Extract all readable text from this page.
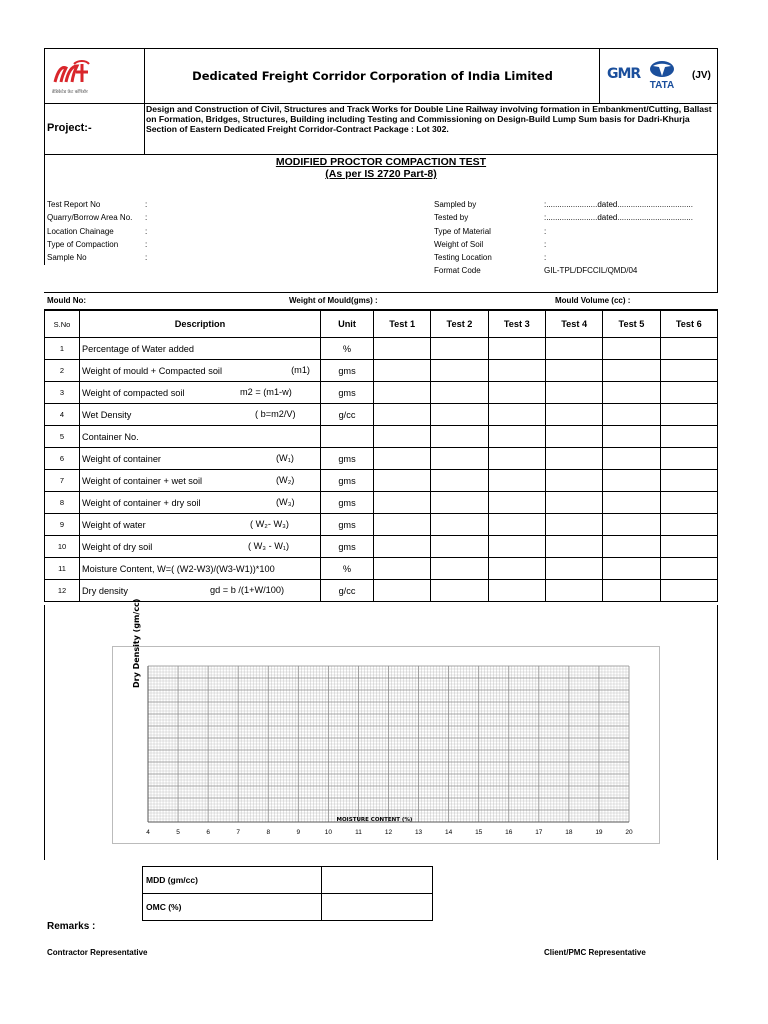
डेडिकेटेड फ्रेट कॉरिडोर
Dedicated Freight Corridor Corporation of India Limited	GMR
TATA
(JV)
Project:-
Design and Construction of Civil, Structures and Track Works for Double Line Railway involving formation in Embankment/Cutting, Ballast on Formation, Bridges, Structures, Building including Testing and Commissioning on Design-Build Lump Sum basis for Dadri-Khurja Section of Eastern Dedicated Freight Corridor-Contract Package : Lot 302.
MODIFIED PROCTOR COMPACTION TEST
(As per IS 2720 Part-8)
Test Report No	:
Quarry/Borrow Area No. :
Location Chainage	:
Type of Compaction	:
Sample No	:
Sampled by	:.......................dated..................................
Tested by	:.......................dated..................................
Type of Material	:
Weight of Soil	:
Testing Location	:
Format Code	GIL-TPL/DFCCIL/QMD/04
Mould No:	Weight of Mould(gms) :	Mould Volume (cc) :
S.No	Description	Unit	Test 1	Test 2	Test 3	Test 4	Test 5	Test 6
1	Percentage of Water added	%						
2	Weight of mould + Compacted soil (m1)	gms						
3	Weight of compacted soil m2 = (m1-w)	gms						
4	Wet Density ( b=m2/V)	g/cc						
5	Container No.							
6	Weight of container (W₁)	gms						
7	Weight of container + wet soil (W₂)	gms						
8	Weight of container + dry soil (W₃)	gms						
9	Weight of water ( W₂- W₃)	gms						
10	Weight of dry soil ( W₃ - W₁)	gms						
11	Moisture Content, W=( (W2-W3)/(W3-W1))*100	%						
12	Dry density gd = b /(1+W/100)	g/cc						
4	5	6	7	8	9	10	11	12	13	14	15	16	17	18	19	20
MOISTURE CONTENT (%)
Dry Density (gm/cc)
MDD (gm/cc)	
OMC (%)	
Remarks :
Contractor Representative	Client/PMC Representative
